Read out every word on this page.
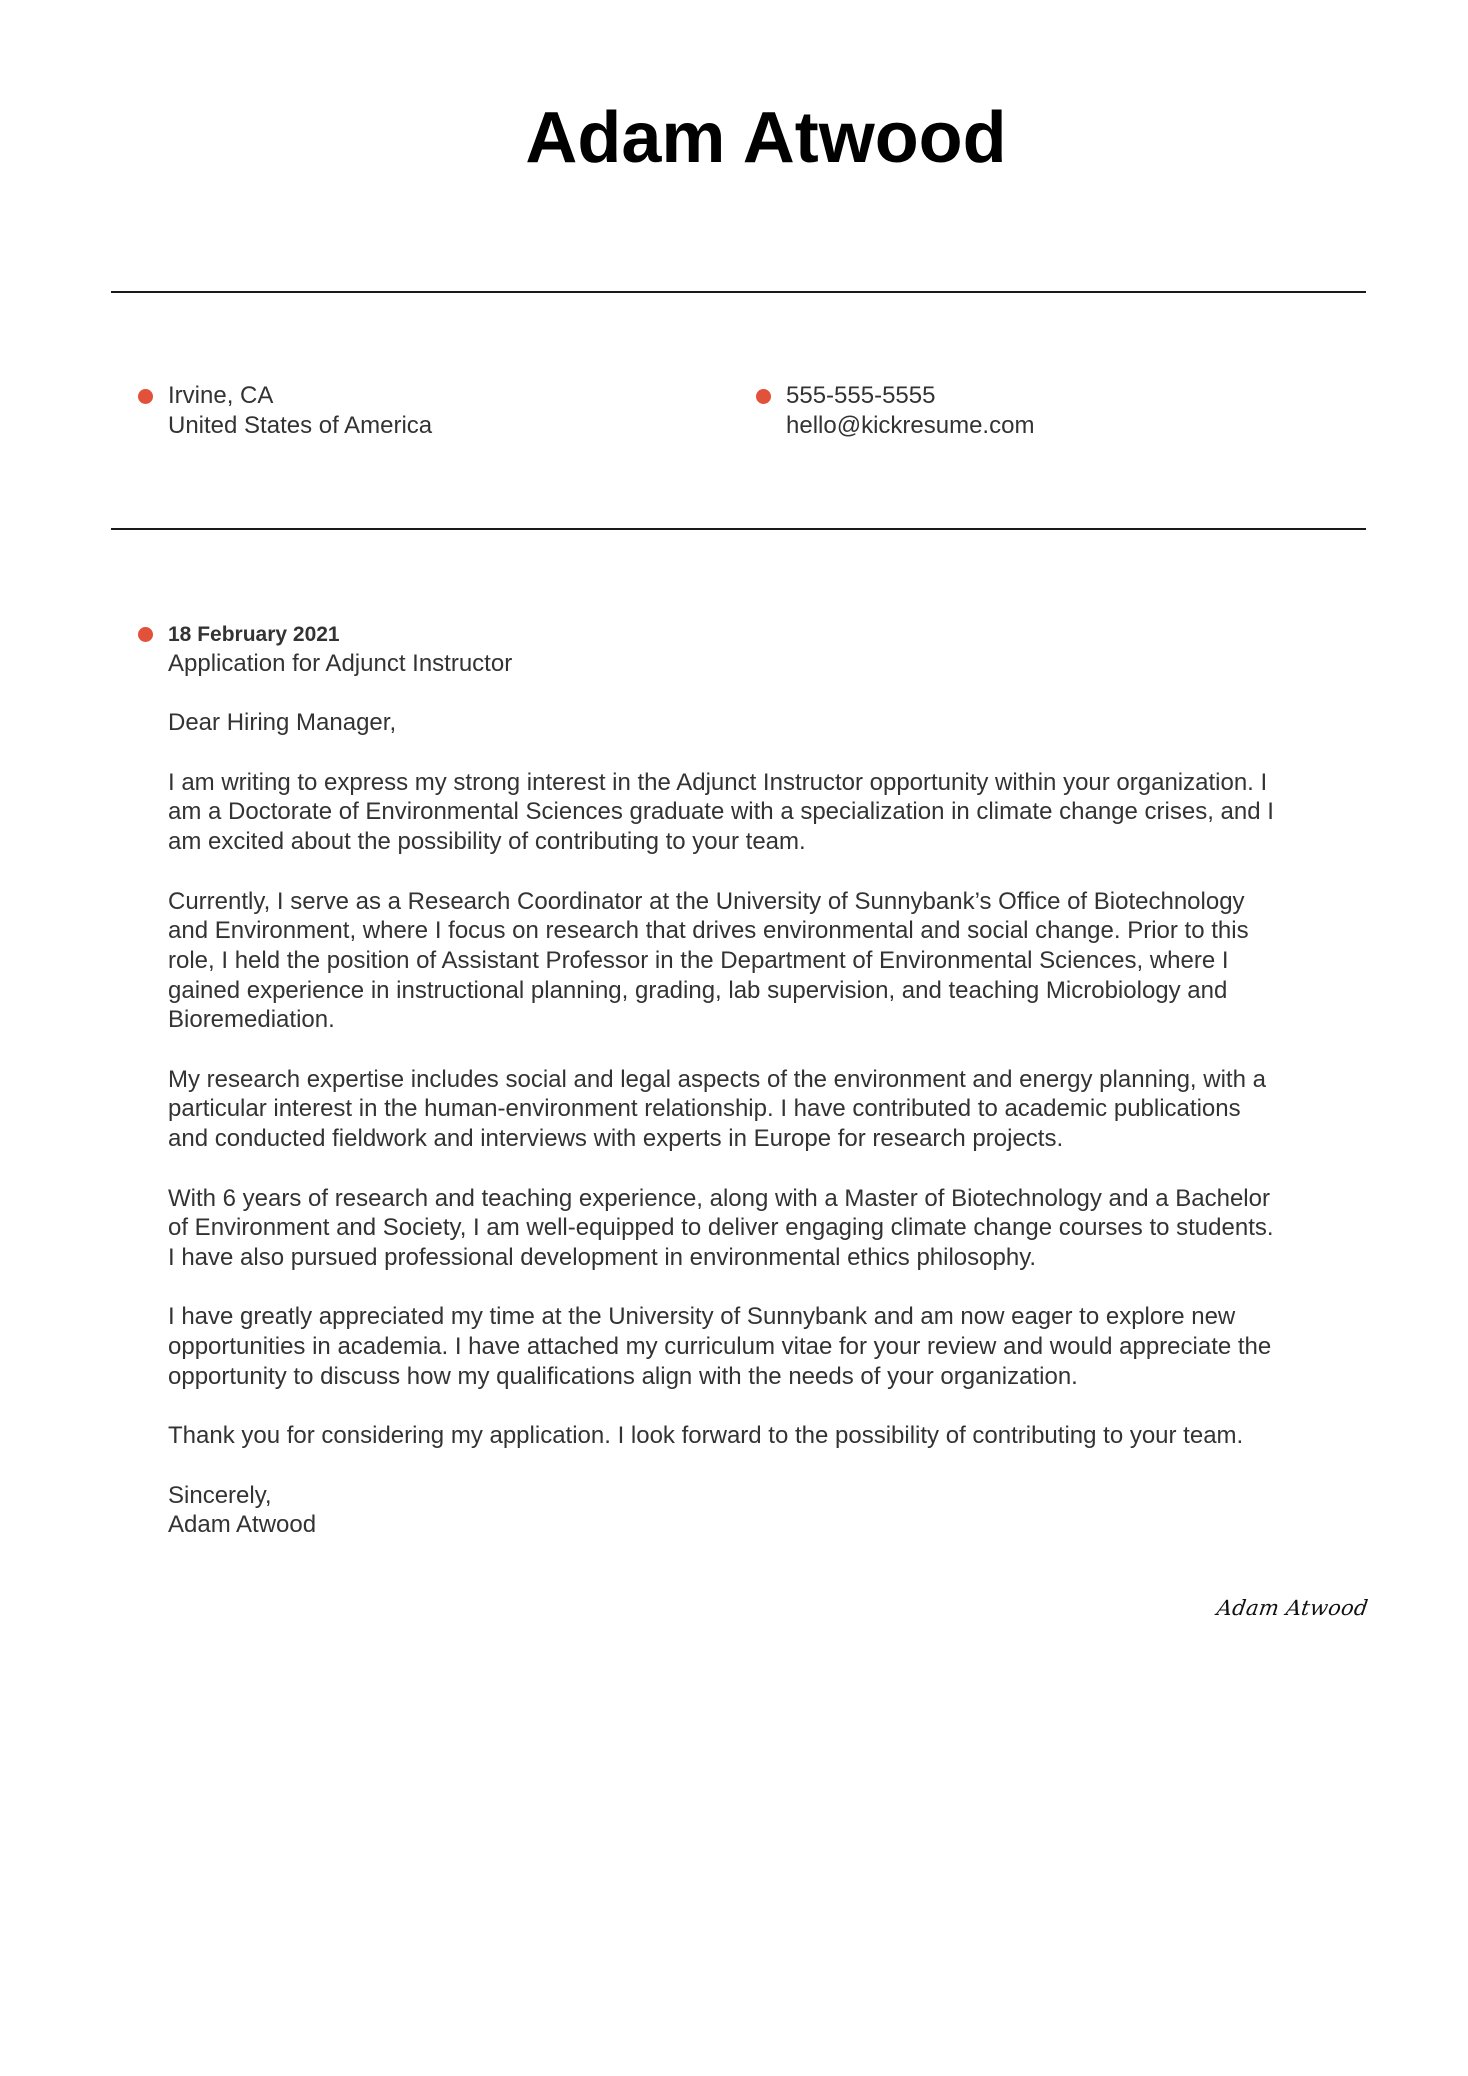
Adam Atwood
Irvine, CA
United States of America
555-555-5555
hello@kickresume.com
18 February 2021

Application for Adjunct Instructor

Dear Hiring Manager,

I am writing to express my strong interest in the Adjunct Instructor opportunity within your organization. I
am a Doctorate of Environmental Sciences graduate with a specialization in climate change crises, and I
am excited about the possibility of contributing to your team.

Currently, I serve as a Research Coordinator at the University of Sunnybank’s Office of Biotechnology
and Environment, where I focus on research that drives environmental and social change. Prior to this
role, I held the position of Assistant Professor in the Department of Environmental Sciences, where I
gained experience in instructional planning, grading, lab supervision, and teaching Microbiology and
Bioremediation.

My research expertise includes social and legal aspects of the environment and energy planning, with a
particular interest in the human-environment relationship. I have contributed to academic publications
and conducted fieldwork and interviews with experts in Europe for research projects.

With 6 years of research and teaching experience, along with a Master of Biotechnology and a Bachelor
of Environment and Society, I am well-equipped to deliver engaging climate change courses to students.
I have also pursued professional development in environmental ethics philosophy.

I have greatly appreciated my time at the University of Sunnybank and am now eager to explore new
opportunities in academia. I have attached my curriculum vitae for your review and would appreciate the
opportunity to discuss how my qualifications align with the needs of your organization.

Thank you for considering my application. I look forward to the possibility of contributing to your team.

Sincerely,
Adam Atwood

Adam Atwood
